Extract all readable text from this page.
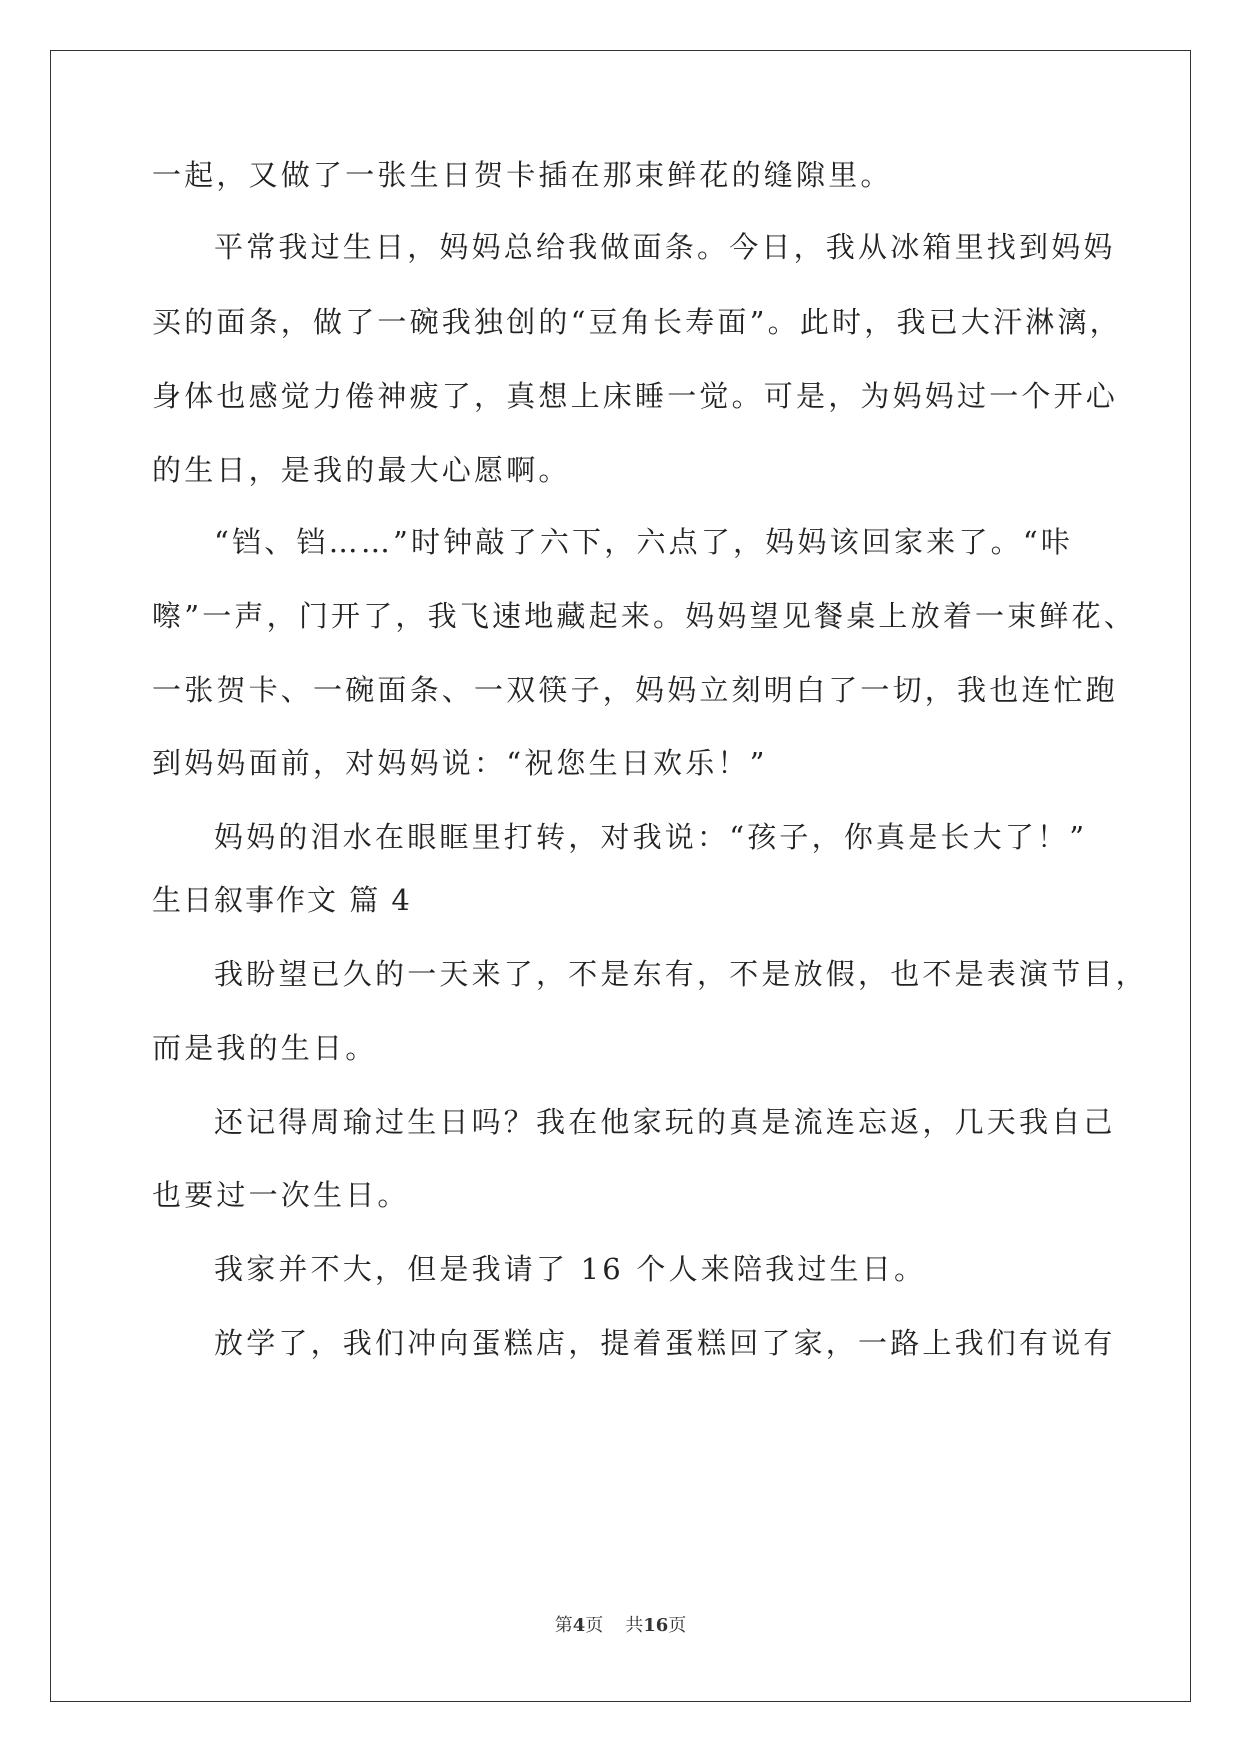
一起，又做了一张生日贺卡插在那束鲜花的缝隙里。
平常我过生日，妈妈总给我做面条。今日，我从冰箱里找到妈妈
买的面条，做了一碗我独创的“豆角长寿面”。此时，我已大汗淋漓，
身体也感觉力倦神疲了，真想上床睡一觉。可是，为妈妈过一个开心
的生日，是我的最大心愿啊。
“铛、铛……”时钟敲了六下，六点了，妈妈该回家来了。“咔
嚓”一声，门开了，我飞速地藏起来。妈妈望见餐桌上放着一束鲜花、
一张贺卡、一碗面条、一双筷子，妈妈立刻明白了一切，我也连忙跑
到妈妈面前，对妈妈说：“祝您生日欢乐！”
妈妈的泪水在眼眶里打转，对我说：“孩子，你真是长大了！”
生日叙事作文 篇 4
我盼望已久的一天来了，不是东有，不是放假，也不是表演节目，
而是我的生日。
还记得周瑜过生日吗？我在他家玩的真是流连忘返，几天我自己
也要过一次生日。
我家并不大，但是我请了 16 个人来陪我过生日。
放学了，我们冲向蛋糕店，提着蛋糕回了家，一路上我们有说有
第4页 共16页
